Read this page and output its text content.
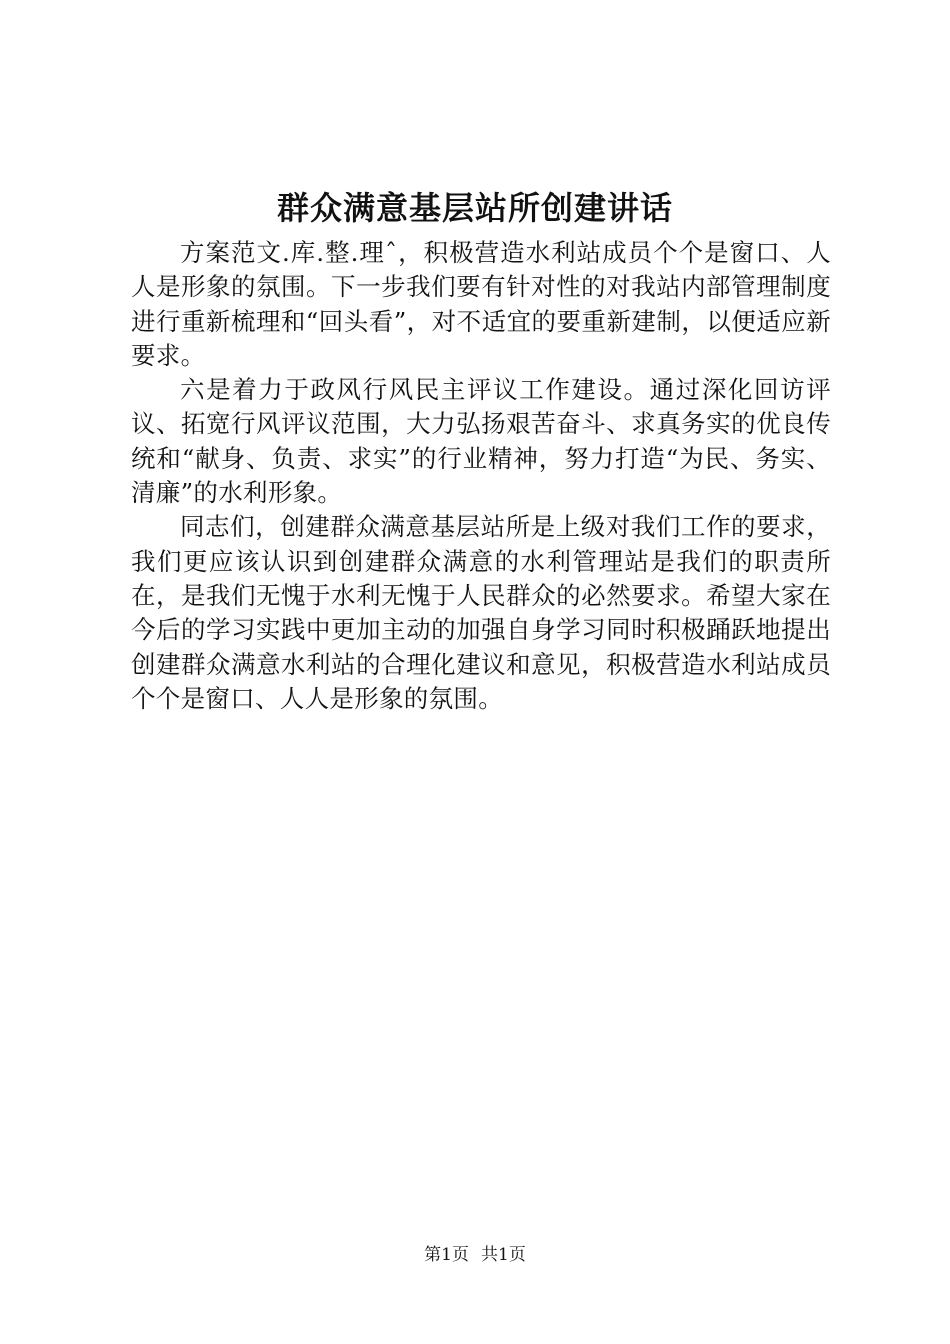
群众满意基层站所创建讲话

方案范文.库.整.理ˆ，积极营造水利站成员个个是窗口、人人是形象的氛围。下一步我们要有针对性的对我站内部管理制度进行重新梳理和“回头看”，对不适宜的要重新建制，以便适应新要求。

六是着力于政风行风民主评议工作建设。通过深化回访评议、拓宽行风评议范围，大力弘扬艰苦奋斗、求真务实的优良传统和“献身、负责、求实”的行业精神，努力打造“为民、务实、清廉”的水利形象。

同志们，创建群众满意基层站所是上级对我们工作的要求，我们更应该认识到创建群众满意的水利管理站是我们的职责所在，是我们无愧于水利无愧于人民群众的必然要求。希望大家在今后的学习实践中更加主动的加强自身学习同时积极踊跃地提出创建群众满意水利站的合理化建议和意见，积极营造水利站成员个个是窗口、人人是形象的氛围。

第1页 共1页
